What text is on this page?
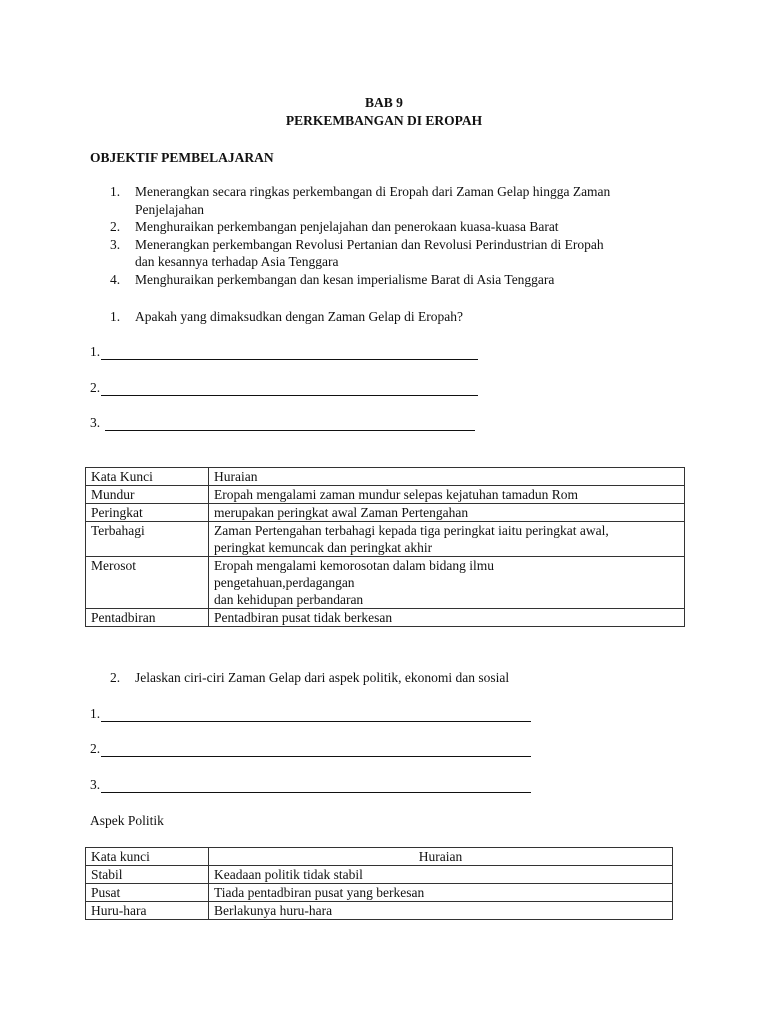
BAB 9
PERKEMBANGAN DI EROPAH
OBJEKTIF PEMBELAJARAN
1. Menerangkan secara ringkas perkembangan di Eropah dari Zaman Gelap hingga Zaman
Penjelajahan
2. Menghuraikan perkembangan penjelajahan dan penerokaan kuasa-kuasa Barat
3. Menerangkan perkembangan Revolusi Pertanian dan Revolusi Perindustrian di Eropah
dan kesannya terhadap Asia Tenggara
4. Menghuraikan perkembangan dan kesan imperialisme Barat di Asia Tenggara
1. Apakah yang dimaksudkan dengan Zaman Gelap di Eropah?
1.
2.
3.
Kata Kunci	Huraian
Mundur	Eropah mengalami zaman mundur selepas kejatuhan tamadun Rom

Peringkat	merupakan peringkat awal Zaman Pertengahan

Terbahagi	Zaman Pertengahan terbahagi kepada tiga peringkat iaitu peringkat awal,
peringkat kemuncak dan peringkat akhir

Merosot	Eropah mengalami kemorosotan dalam bidang ilmu
pengetahuan,perdagangan
dan kehidupan perbandaran

Pentadbiran	Pentadbiran pusat tidak berkesan
2. Jelaskan ciri-ciri Zaman Gelap dari aspek politik, ekonomi dan sosial
1.
2.
3.
Aspek Politik
Kata kunci	Huraian
Stabil	Keadaan politik tidak stabil
Pusat	Tiada pentadbiran pusat yang berkesan
Huru-hara	Berlakunya huru-hara
